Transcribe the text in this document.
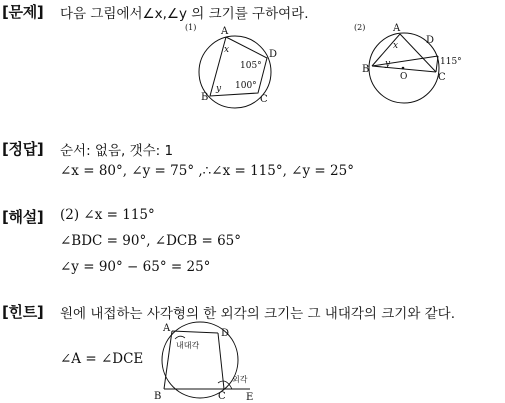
[문제] 다음 그림에서∠x,∠y 의 크기를 구하여라.
(1) A
D
B	C
x
y
105°
100°
(2)	A
D
B
C
O
x
y	115°
[정답] 순서: 없음, 갯수: 1
∠x = 80°, ∠y = 75° ,∴∠x = 115°, ∠y = 25°
[해설] (2) ∠x = 115°
∠BDC = 90°, ∠DCB = 65°
∠y = 90° − 65° = 25°
[힌트] 원에 내접하는 사각형의 한 외각의 크기는 그 내대각의 크기와 같다.
∠A = ∠DCE
A	D
B	C E
내대각
외각
